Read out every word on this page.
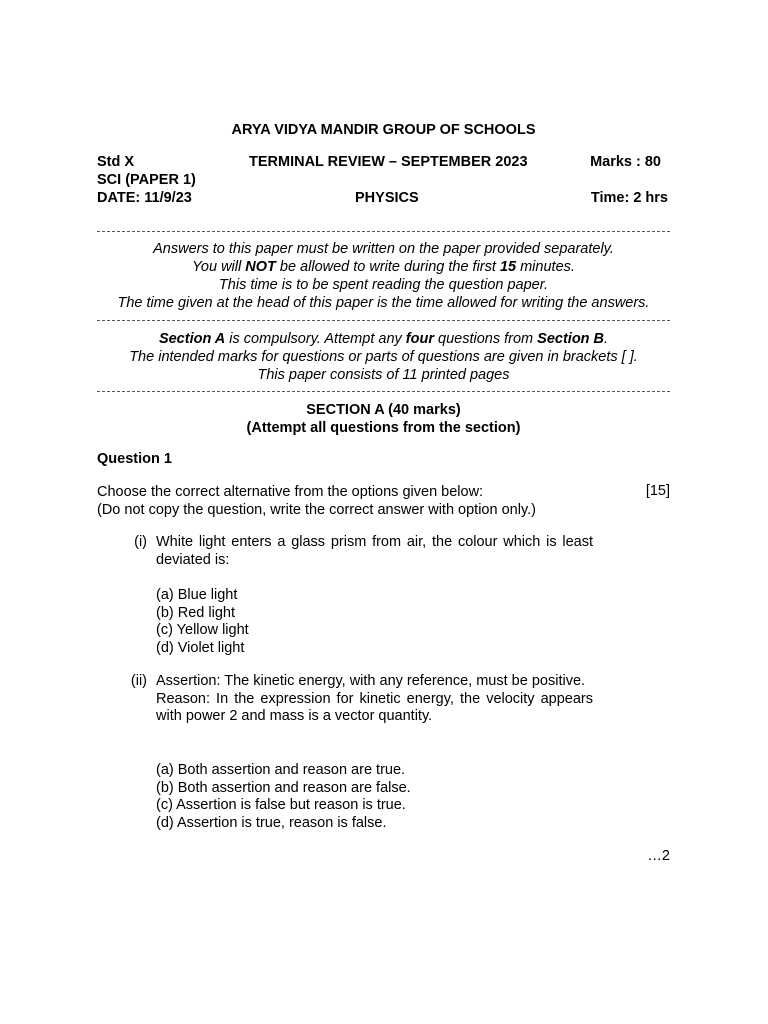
ARYA VIDYA MANDIR GROUP OF SCHOOLS
Std X	TERMINAL REVIEW – SEPTEMBER 2023	Marks : 80
SCI (PAPER 1)
DATE: 11/9/23	PHYSICS	Time: 2 hrs
Answers to this paper must be written on the paper provided separately.
You will NOT be allowed to write during the first 15 minutes.
This time is to be spent reading the question paper.
The time given at the head of this paper is the time allowed for writing the answers.
Section A is compulsory. Attempt any four questions from Section B.
The intended marks for questions or parts of questions are given in brackets [ ].
This paper consists of 11 printed pages
SECTION A (40 marks)
(Attempt all questions from the section)
Question 1
Choose the correct alternative from the options given below:
(Do not copy the question, write the correct answer with option only.)
[15]
(i) White light enters a glass prism from air, the colour which is least deviated is:
(a) Blue light
(b) Red light
(c) Yellow light
(d) Violet light
(ii) Assertion: The kinetic energy, with any reference, must be positive.
Reason: In the expression for kinetic energy, the velocity appears with power 2 and mass is a vector quantity.
(a) Both assertion and reason are true.
(b) Both assertion and reason are false.
(c) Assertion is false but reason is true.
(d) Assertion is true, reason is false.
…2
